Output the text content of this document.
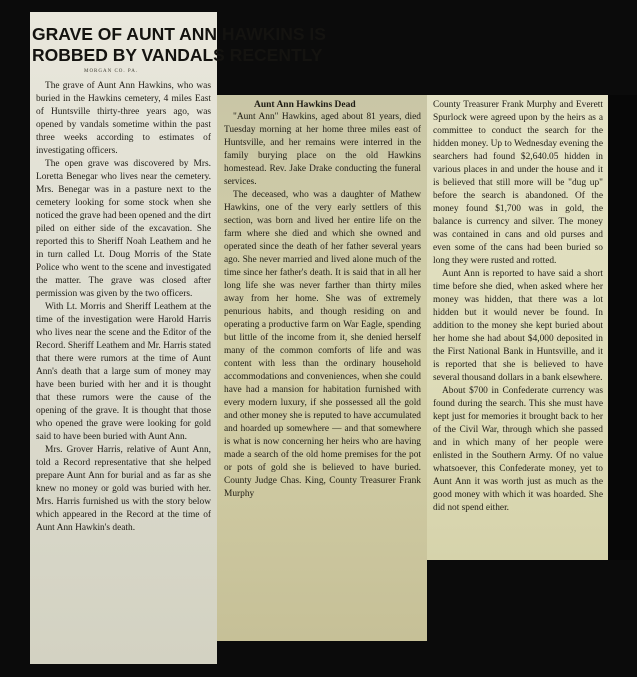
GRAVE OF AUNT ANN HAWKINS IS
ROBBED BY VANDALS RECENTLY
MORGAN CO. PA.

The grave of Aunt Ann Hawkins, who was buried in the Hawkins cemetery, 4 miles East of Huntsville thirty-three years ago, was opened by vandals sometime within the past three weeks according to estimates of investigating officers.

The open grave was discovered by Mrs. Loretta Benegar who lives near the cemetery. Mrs. Benegar was in a pasture next to the cemetery looking for some stock when she noticed the grave had been opened and the dirt piled on either side of the excavation. She reported this to Sheriff Noah Leathem and he in turn called Lt. Doug Morris of the State Police who went to the scene and investigated the matter. The grave was closed after permission was given by the two officers.

With Lt. Morris and Sheriff Leathem at the time of the investigation were Harold Harris who lives near the scene and the Editor of the Record. Sheriff Leathem and Mr. Harris stated that there were rumors at the time of Aunt Ann's death that a large sum of money may have been buried with her and it is thought that these rumors were the cause of the opening of the grave. It is thought that those who opened the grave were looking for gold said to have been buried with Aunt Ann.

Mrs. Grover Harris, relative of Aunt Ann, told a Record representative that she helped prepare Aunt Ann for burial and as far as she knew no money or gold was buried with her. Mrs. Harris furnished us with the story below which appeared in the Record at the time of Aunt Ann Hawkin's death.

Aunt Ann Hawkins Dead

"Aunt Ann" Hawkins, aged about 81 years, died Tuesday morning at her home three miles east of Huntsville, and her remains were interred in the family burying place on the old Hawkins homestead. Rev. Jake Drake conducting the funeral services.

The deceased, who was a daughter of Mathew Hawkins, one of the very early settlers of this section, was born and lived her entire life on the farm where she died and which she owned and operated since the death of her father several years ago. She never married and lived alone much of the time since her father's death. It is said that in all her long life she was never farther than thirty miles away from her home. She was of extremely penurious habits, and though residing on and operating a productive farm on War Eagle, spending but little of the income from it, she denied herself many of the common comforts of life and was content with less than the ordinary household accommodations and conveniences, when she could have had a mansion for habitation furnished with every modern luxury, if she possessed all the gold and other money she is reputed to have accumulated and hoarded up somewhere — and that somewhere is what is now concerning her heirs who are having made a search of the old home premises for the pot or pots of gold she is believed to have buried. County Judge Chas. King, County Treasurer Frank Murphy

County Treasurer Frank Murphy and Everett Spurlock were agreed upon by the heirs as a committee to conduct the search for the hidden money. Up to Wednesday evening the searchers had found $2,640.05 hidden in various places in and under the house and it is believed that still more will be "dug up" before the search is abandoned. Of the money found $1,700 was in gold, the balance is currency and silver. The money was contained in cans and old purses and even some of the cans had been buried so long they were rusted and rotted.

Aunt Ann is reported to have said a short time before she died, when asked where her money was hidden, that there was a lot hidden but it would never be found. In addition to the money she kept buried about her home she had about $4,000 deposited in the First National Bank in Huntsville, and it is reported that she is believed to have several thousand dollars in a bank elsewhere.

About $700 in Confederate currency was found during the search. This she must have kept just for memories it brought back to her of the Civil War, through which she passed and in which many of her people were enlisted in the Southern Army. Of no value whatsoever, this Confederate money, yet to Aunt Ann it was worth just as much as the good money with which it was hoarded. She did not spend either.
